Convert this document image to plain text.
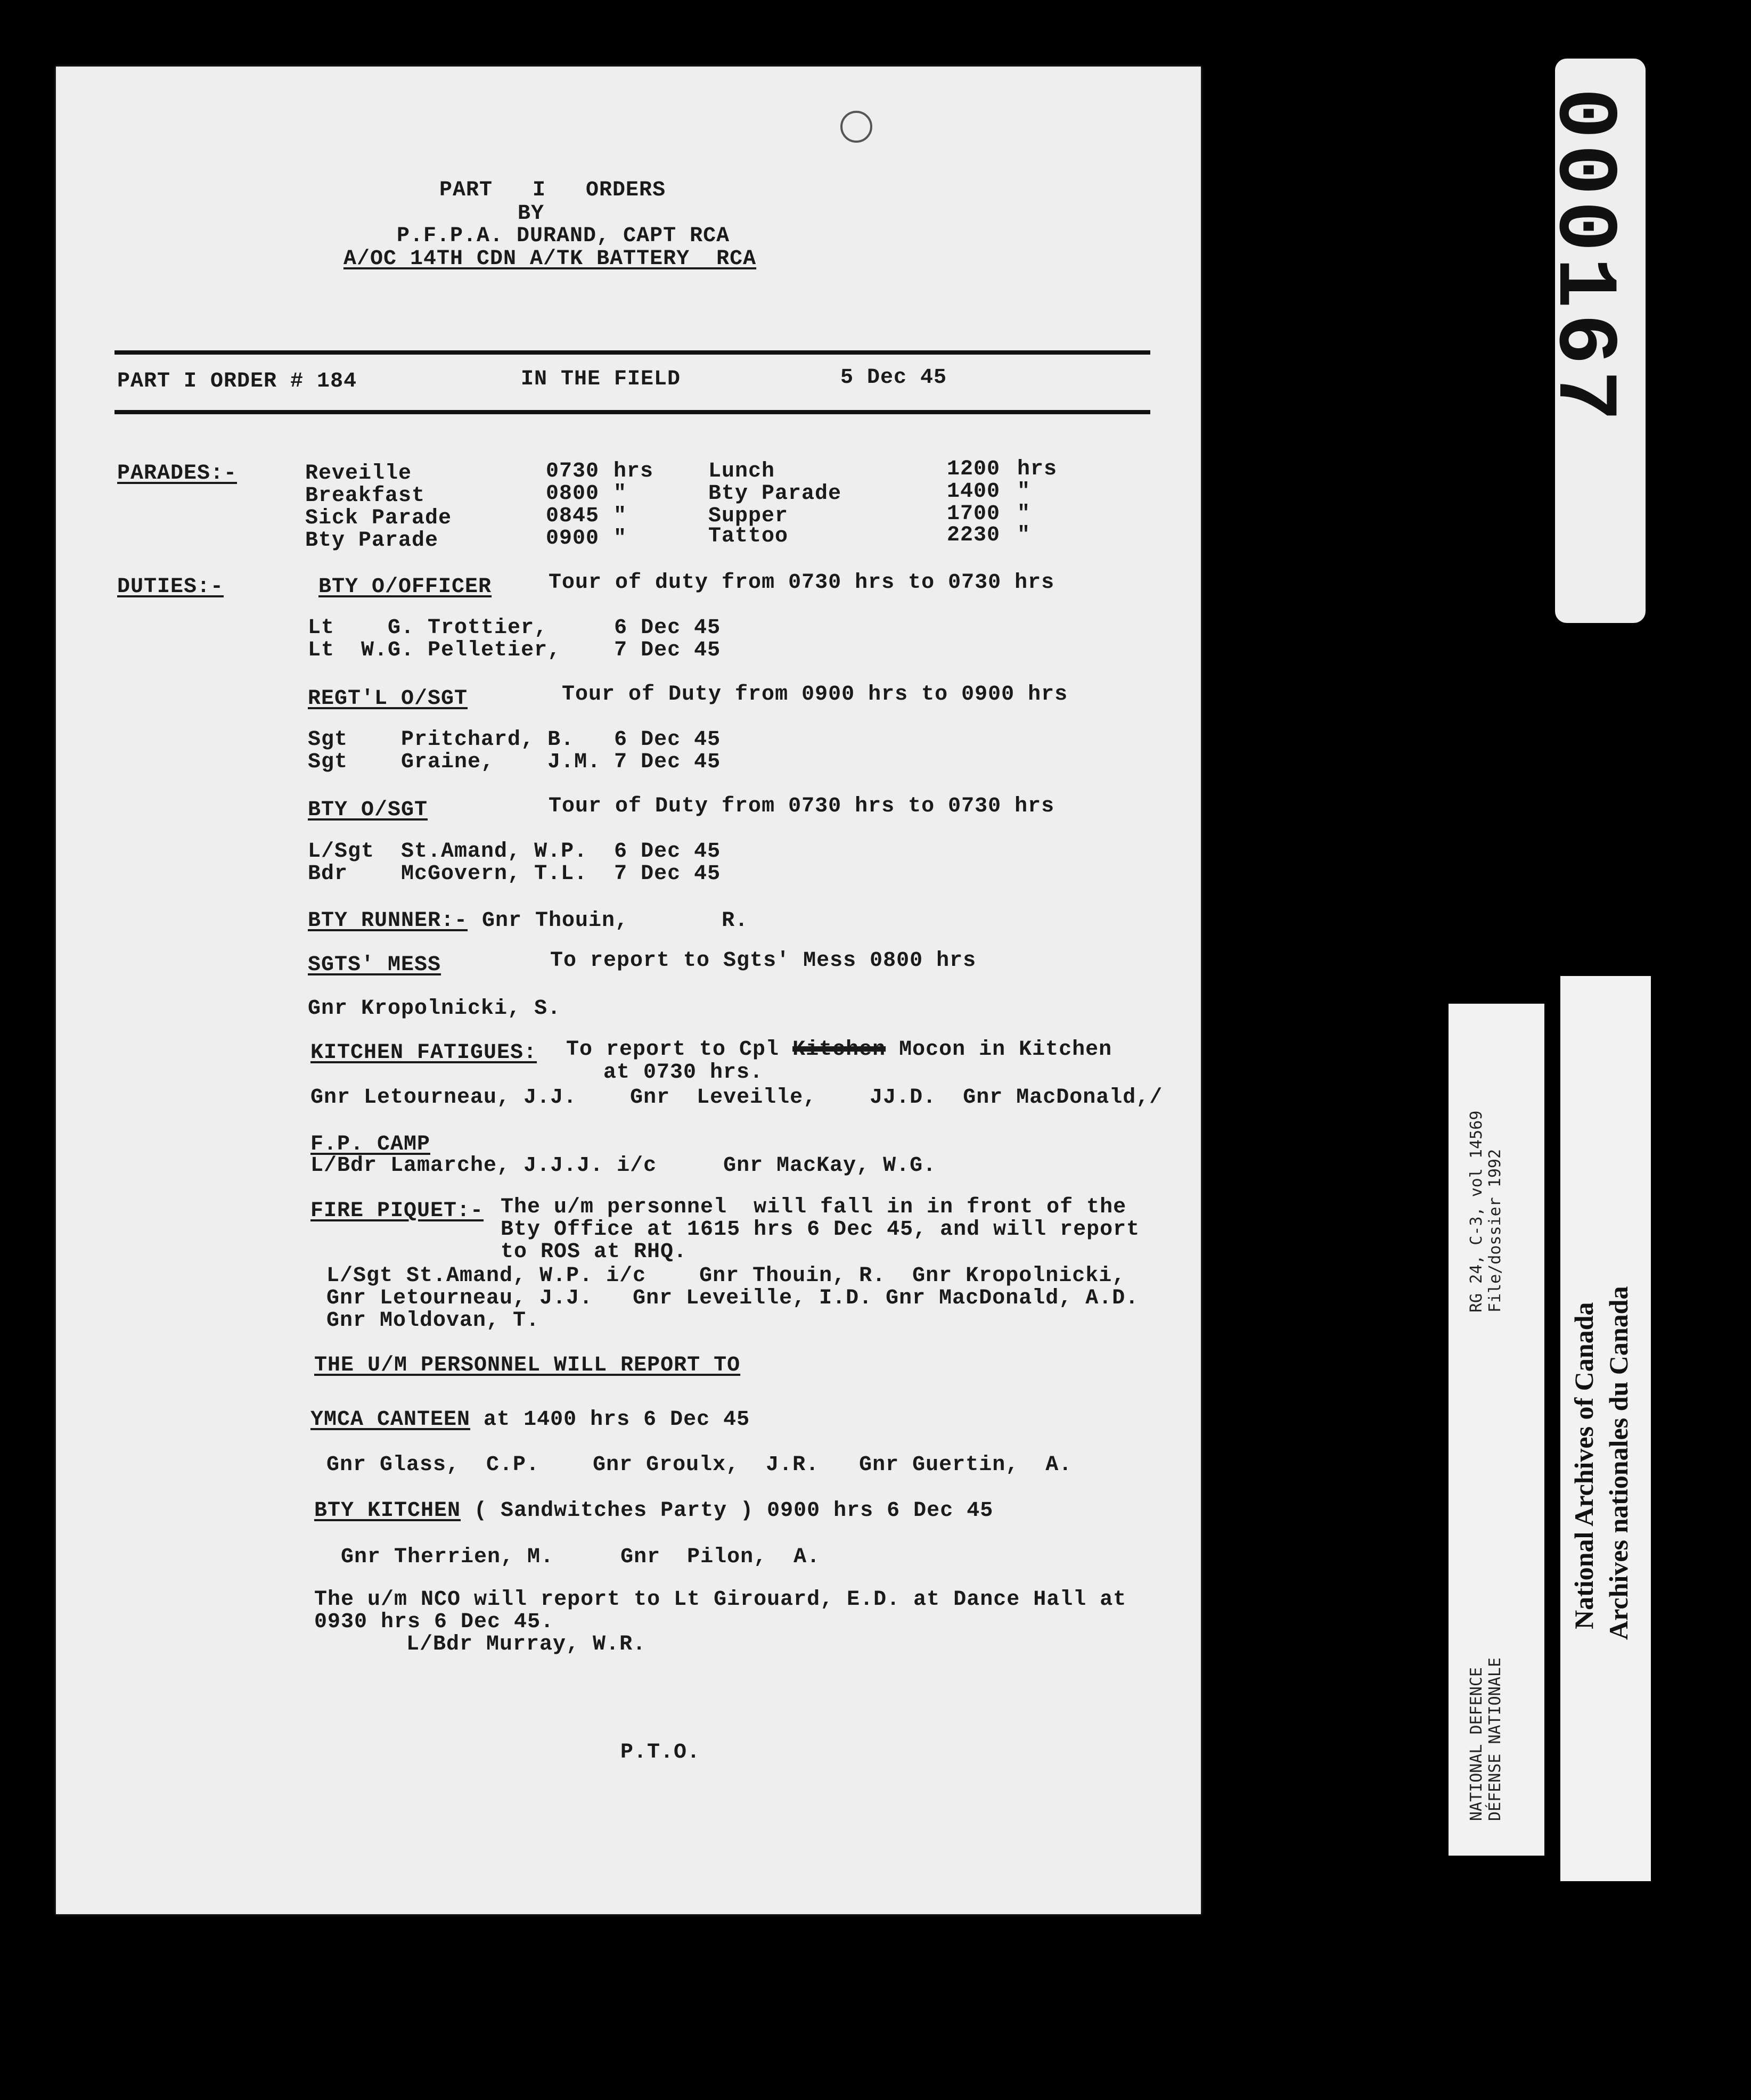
PART   I   ORDERS
BY
P.F.P.A. DURAND, CAPT RCA
A/OC 14TH CDN A/TK BATTERY  RCA
PART I ORDER # 184	IN THE FIELD	5 Dec 45
PARADES:-	Reveille	0730 hrs	Lunch	1200 hrs
Breakfast	0800 "	Bty Parade	1400 "
Sick Parade	0845 "	Supper	1700 "
Bty Parade	0900 "	Tattoo	2230 "
DUTIES:-	BTY O/OFFICER	Tour of duty from 0730 hrs to 0730 hrs
Lt    G. Trottier,     6 Dec 45
Lt  W.G. Pelletier,    7 Dec 45
REGT'L O/SGT	Tour of Duty from 0900 hrs to 0900 hrs
Sgt    Pritchard, B.   6 Dec 45
Sgt    Graine,    J.M. 7 Dec 45
BTY O/SGT	Tour of Duty from 0730 hrs to 0730 hrs
L/Sgt  St.Amand, W.P.  6 Dec 45
Bdr    McGovern, T.L.  7 Dec 45
BTY RUNNER:- Gnr Thouin,       R.
SGTS' MESS	To report to Sgts' Mess 0800 hrs
Gnr Kropolnicki, S.
KITCHEN FATIGUES: To report to Cpl Kitchen Mocon in Kitchen
at 0730 hrs.
Gnr Letourneau, J.J.    Gnr  Leveille,    JJ.D.  Gnr MacDonald,/
F.P. CAMP
L/Bdr Lamarche, J.J.J. i/c     Gnr MacKay, W.G.
FIRE PIQUET:- The u/m personnel  will fall in in front of the
Bty Office at 1615 hrs 6 Dec 45, and will report
to ROS at RHQ.
L/Sgt St.Amand, W.P. i/c    Gnr Thouin, R.  Gnr Kropolnicki,
Gnr Letourneau, J.J.   Gnr Leveille, I.D. Gnr MacDonald, A.D.
Gnr Moldovan, T.
THE U/M PERSONNEL WILL REPORT TO
YMCA CANTEEN at 1400 hrs 6 Dec 45
Gnr Glass,  C.P.    Gnr Groulx,  J.R.   Gnr Guertin,  A.
BTY KITCHEN ( Sandwitches Party ) 0900 hrs 6 Dec 45
Gnr Therrien, M.     Gnr  Pilon,  A.
The u/m NCO will report to Lt Girouard, E.D. at Dance Hall at
0930 hrs 6 Dec 45.
L/Bdr Murray, W.R.
P.T.O.
000167
RG 24, C-3, vol 14569 File/dossier 1992
NATIONAL DEFENCE DÉFENSE NATIONALE
National Archives of Canada Archives nationales du Canada
